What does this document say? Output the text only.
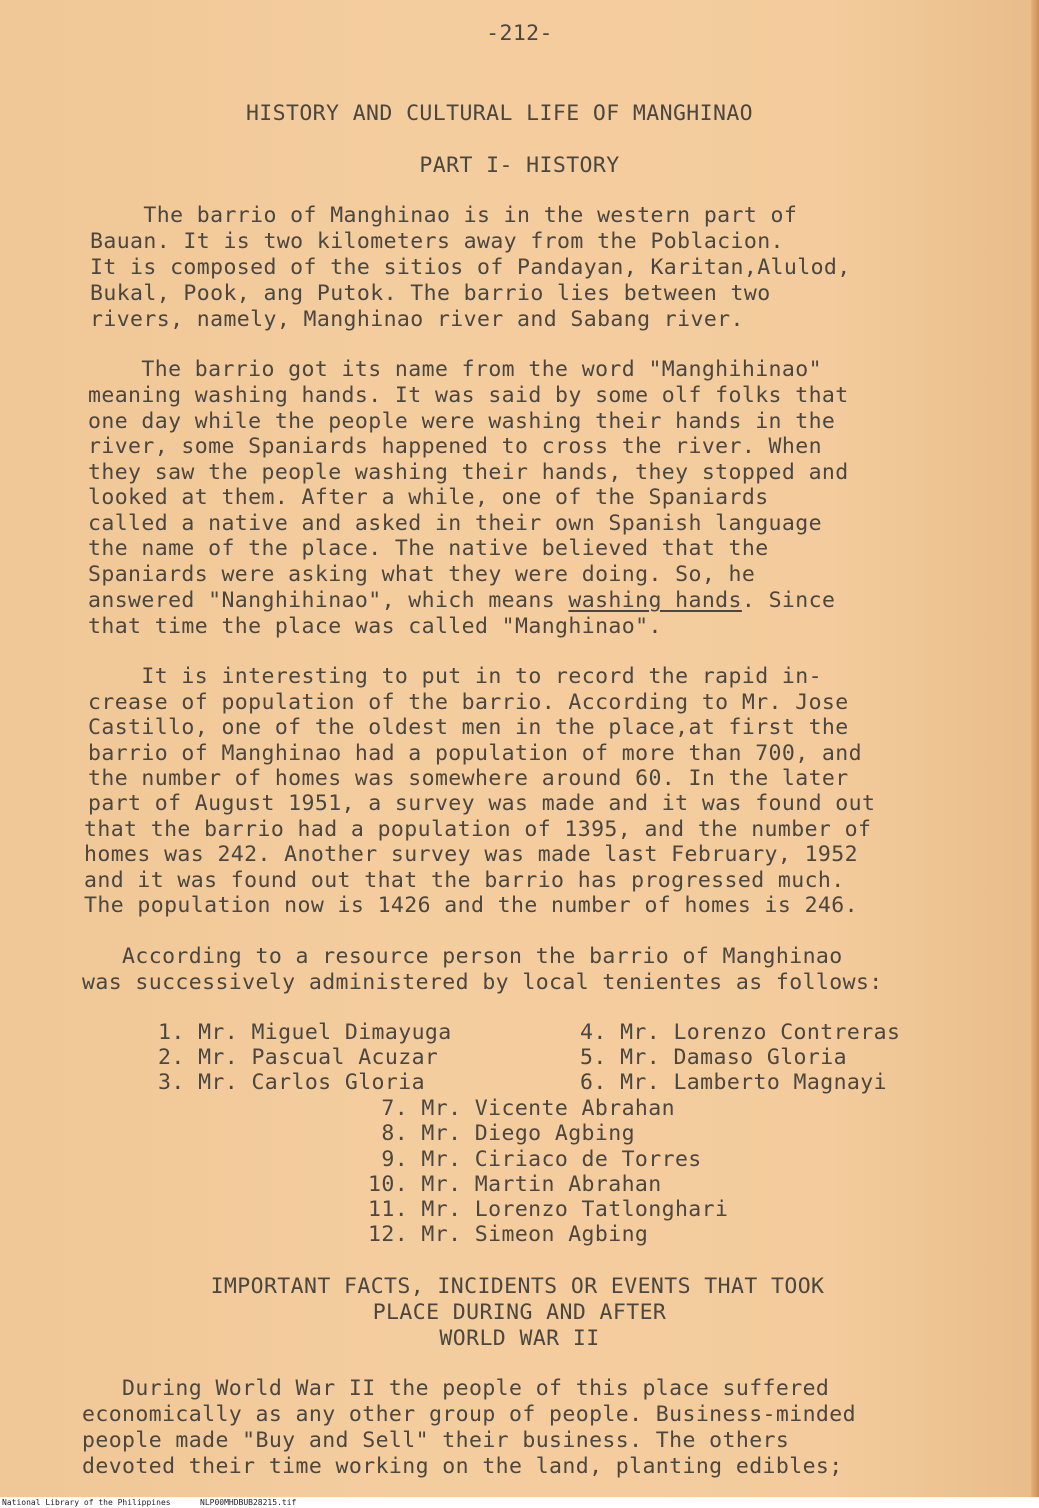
-212-
HISTORY AND CULTURAL LIFE OF MANGHINAO
PART I- HISTORY
The barrio of Manghinao is in the western part of
Bauan. It is two kilometers away from the Poblacion.
It is composed of the sitios of Pandayan, Karitan,Alulod,
Bukal, Pook, ang Putok. The barrio lies between two
rivers, namely, Manghinao river and Sabang river.
The barrio got its name from the word "Manghihinao"
meaning washing hands. It was said by some olf folks that
one day while the people were washing their hands in the
river, some Spaniards happened to cross the river. When
they saw the people washing their hands, they stopped and
looked at them. After a while, one of the Spaniards
called a native and asked in their own Spanish language
the name of the place. The native believed that the
Spaniards were asking what they were doing. So, he
answered "Nanghihinao", which means washing hands. Since
that time the place was called "Manghinao".
It is interesting to put in to record the rapid in-
crease of population of the barrio. According to Mr. Jose
Castillo, one of the oldest men in the place,at first the
barrio of Manghinao had a population of more than 700, and
the number of homes was somewhere around 60. In the later
part of August 1951, a survey was made and it was found out
that the barrio had a population of 1395, and the number of
homes was 242. Another survey was made last February, 1952
and it was found out that the barrio has progressed much.
The population now is 1426 and the number of homes is 246.
According to a resource person the barrio of Manghinao
was successively administered by local tenientes as follows:
1. Mr. Miguel Dimayuga
2. Mr. Pascual Acuzar
3. Mr. Carlos Gloria
4. Mr. Lorenzo Contreras
5. Mr. Damaso Gloria
6. Mr. Lamberto Magnayi
7. Mr. Vicente Abrahan
8. Mr. Diego Agbing
9. Mr. Ciriaco de Torres
10. Mr. Martin Abrahan
11. Mr. Lorenzo Tatlonghari
12. Mr. Simeon Agbing
IMPORTANT FACTS, INCIDENTS OR EVENTS THAT TOOK
PLACE DURING AND AFTER
WORLD WAR II
During World War II the people of this place suffered
economically as any other group of people. Business-minded
people made "Buy and Sell" their business. The others
devoted their time working on the land, planting edibles;

National Library of the Philippines

	NLP00MHDBUB28215.tif
